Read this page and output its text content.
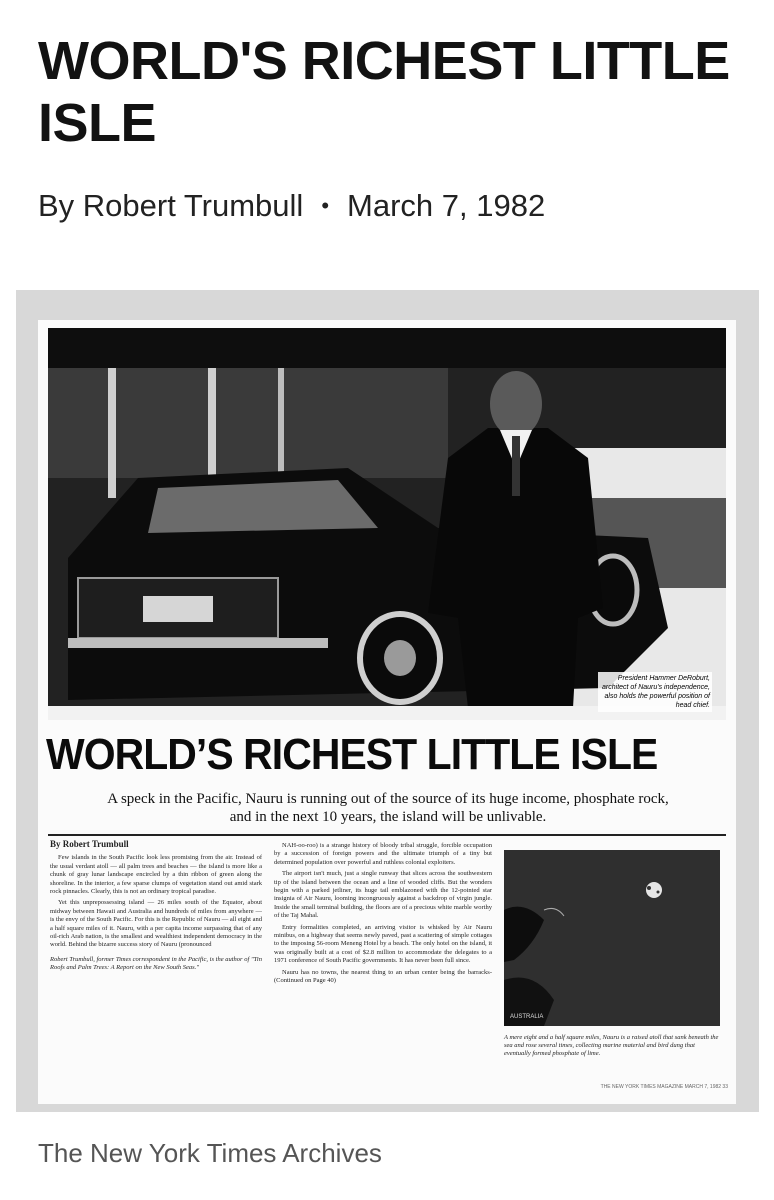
WORLD'S RICHEST LITTLE ISLE
By Robert Trumbull • March 7, 1982
President Hammer DeRoburt, architect of Nauru's independence, also holds the powerful position of head chief.
WORLD’S RICHEST LITTLE ISLE
A speck in the Pacific, Nauru is running out of the source of its huge income, phosphate rock, and in the next 10 years, the island will be unlivable.
By Robert Trumbull

Few islands in the South Pacific look less promising from the air. Instead of the usual verdant atoll — all palm trees and beaches — the island is more like a chunk of gray lunar landscape encircled by a thin ribbon of green along the shoreline. In the interior, a few sparse clumps of vegetation stand out amid stark rock pinnacles. Clearly, this is not an ordinary tropical paradise.

Yet this unprepossessing island — 26 miles south of the Equator, about midway between Hawaii and Australia and hundreds of miles from anywhere — is the envy of the South Pacific. For this is the Republic of Nauru — all eight and a half square miles of it. Nauru, with a per capita income surpassing that of any oil-rich Arab nation, is the smallest and wealthiest independent democracy in the world. Behind the bizarre success story of Nauru (pronounced

Robert Trumbull, former Times correspondent in the Pacific, is the author of "Tin Roofs and Palm Trees: A Report on the New South Seas."

NAH-oo-roo) is a strange history of bloody tribal struggle, forcible occupation by a succession of foreign powers and the ultimate triumph of a tiny but determined population over powerful and ruthless colonial exploiters.

The airport isn't much, just a single runway that slices across the southwestern tip of the island between the ocean and a line of wooded cliffs. But the wonders begin with a parked jetliner, its huge tail emblazoned with the 12-pointed star insignia of Air Nauru, looming incongruously against a backdrop of virgin jungle. Inside the small terminal building, the floors are of a precious white marble worthy of the Taj Mahal.

Entry formalities completed, an arriving visitor is whisked by Air Nauru minibus, on a highway that seems newly paved, past a scattering of simple cottages to the imposing 56-room Meneng Hotel by a beach. The only hotel on the island, it was originally built at a cost of $2.8 million to accommodate the delegates to a 1971 conference of South Pacific governments. It has never been full since.

Nauru has no towns, the nearest thing to an urban center being the barracks- (Continued on Page 40)

AUSTRALIA
A mere eight and a half square miles, Nauru is a raised atoll that sank beneath the sea and rose several times, collecting marine material and bird dung that eventually formed phosphate of lime.
THE NEW YORK TIMES MAGAZINE MARCH 7, 1982 33
The New York Times Archives
